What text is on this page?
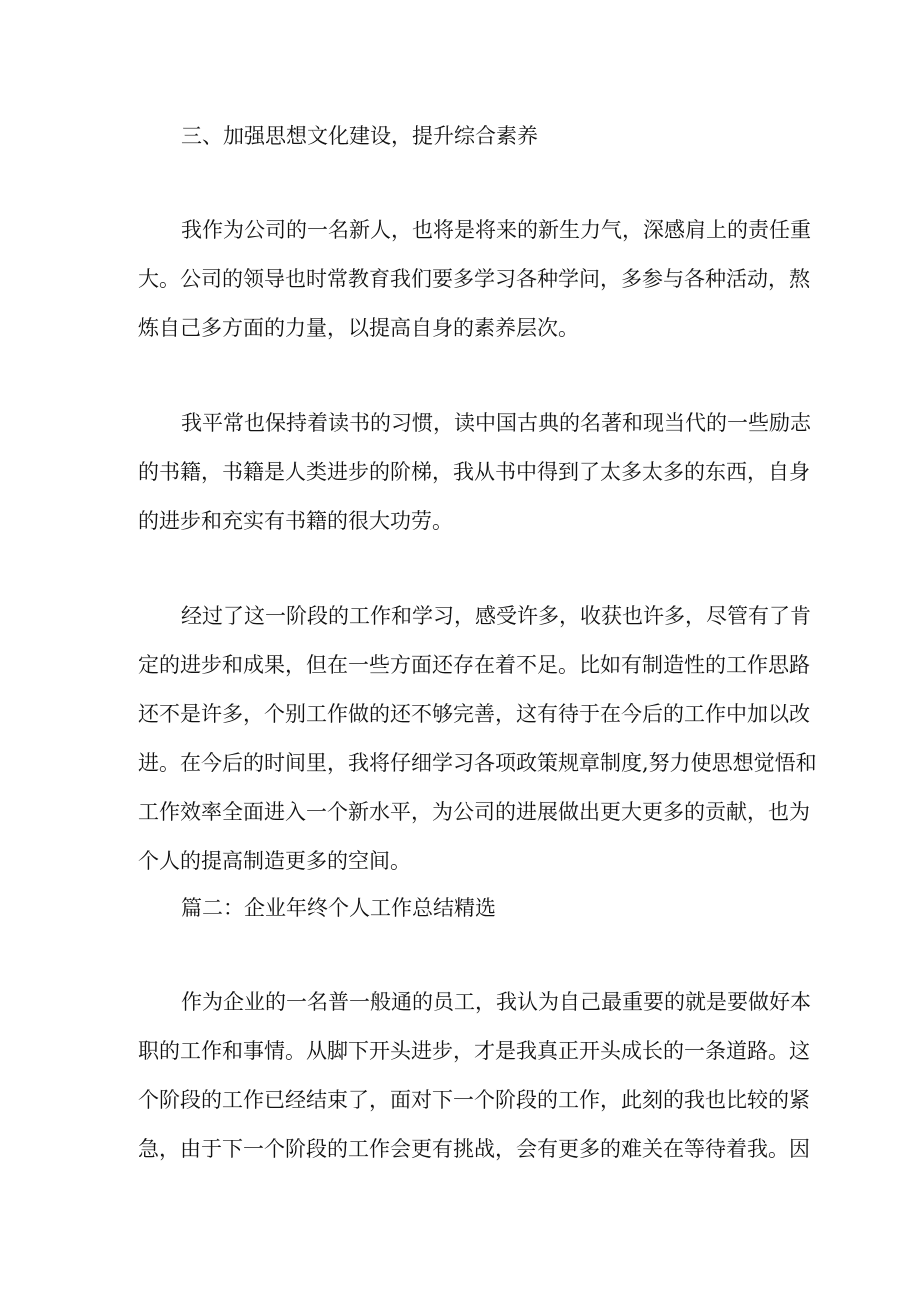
三、加强思想文化建设，提升综合素养

我作为公司的一名新人，也将是将来的新生力气，深感肩上的责任重

大。公司的领导也时常教育我们要多学习各种学问，多参与各种活动，熬

炼自己多方面的力量，以提高自身的素养层次。

我平常也保持着读书的习惯，读中国古典的名著和现当代的一些励志

的书籍，书籍是人类进步的阶梯，我从书中得到了太多太多的东西，自身

的进步和充实有书籍的很大功劳。

经过了这一阶段的工作和学习，感受许多，收获也许多，尽管有了肯

定的进步和成果，但在一些方面还存在着不足。比如有制造性的工作思路

还不是许多，个别工作做的还不够完善，这有待于在今后的工作中加以改

进。在今后的时间里，我将仔细学习各项政策规章制度,努力使思想觉悟和

工作效率全面进入一个新水平，为公司的进展做出更大更多的贡献，也为

个人的提高制造更多的空间。

篇二：企业年终个人工作总结精选

作为企业的一名普一般通的员工，我认为自己最重要的就是要做好本

职的工作和事情。从脚下开头进步，才是我真正开头成长的一条道路。这

个阶段的工作已经结束了，面对下一个阶段的工作，此刻的我也比较的紧

急，由于下一个阶段的工作会更有挑战，会有更多的难关在等待着我。因
